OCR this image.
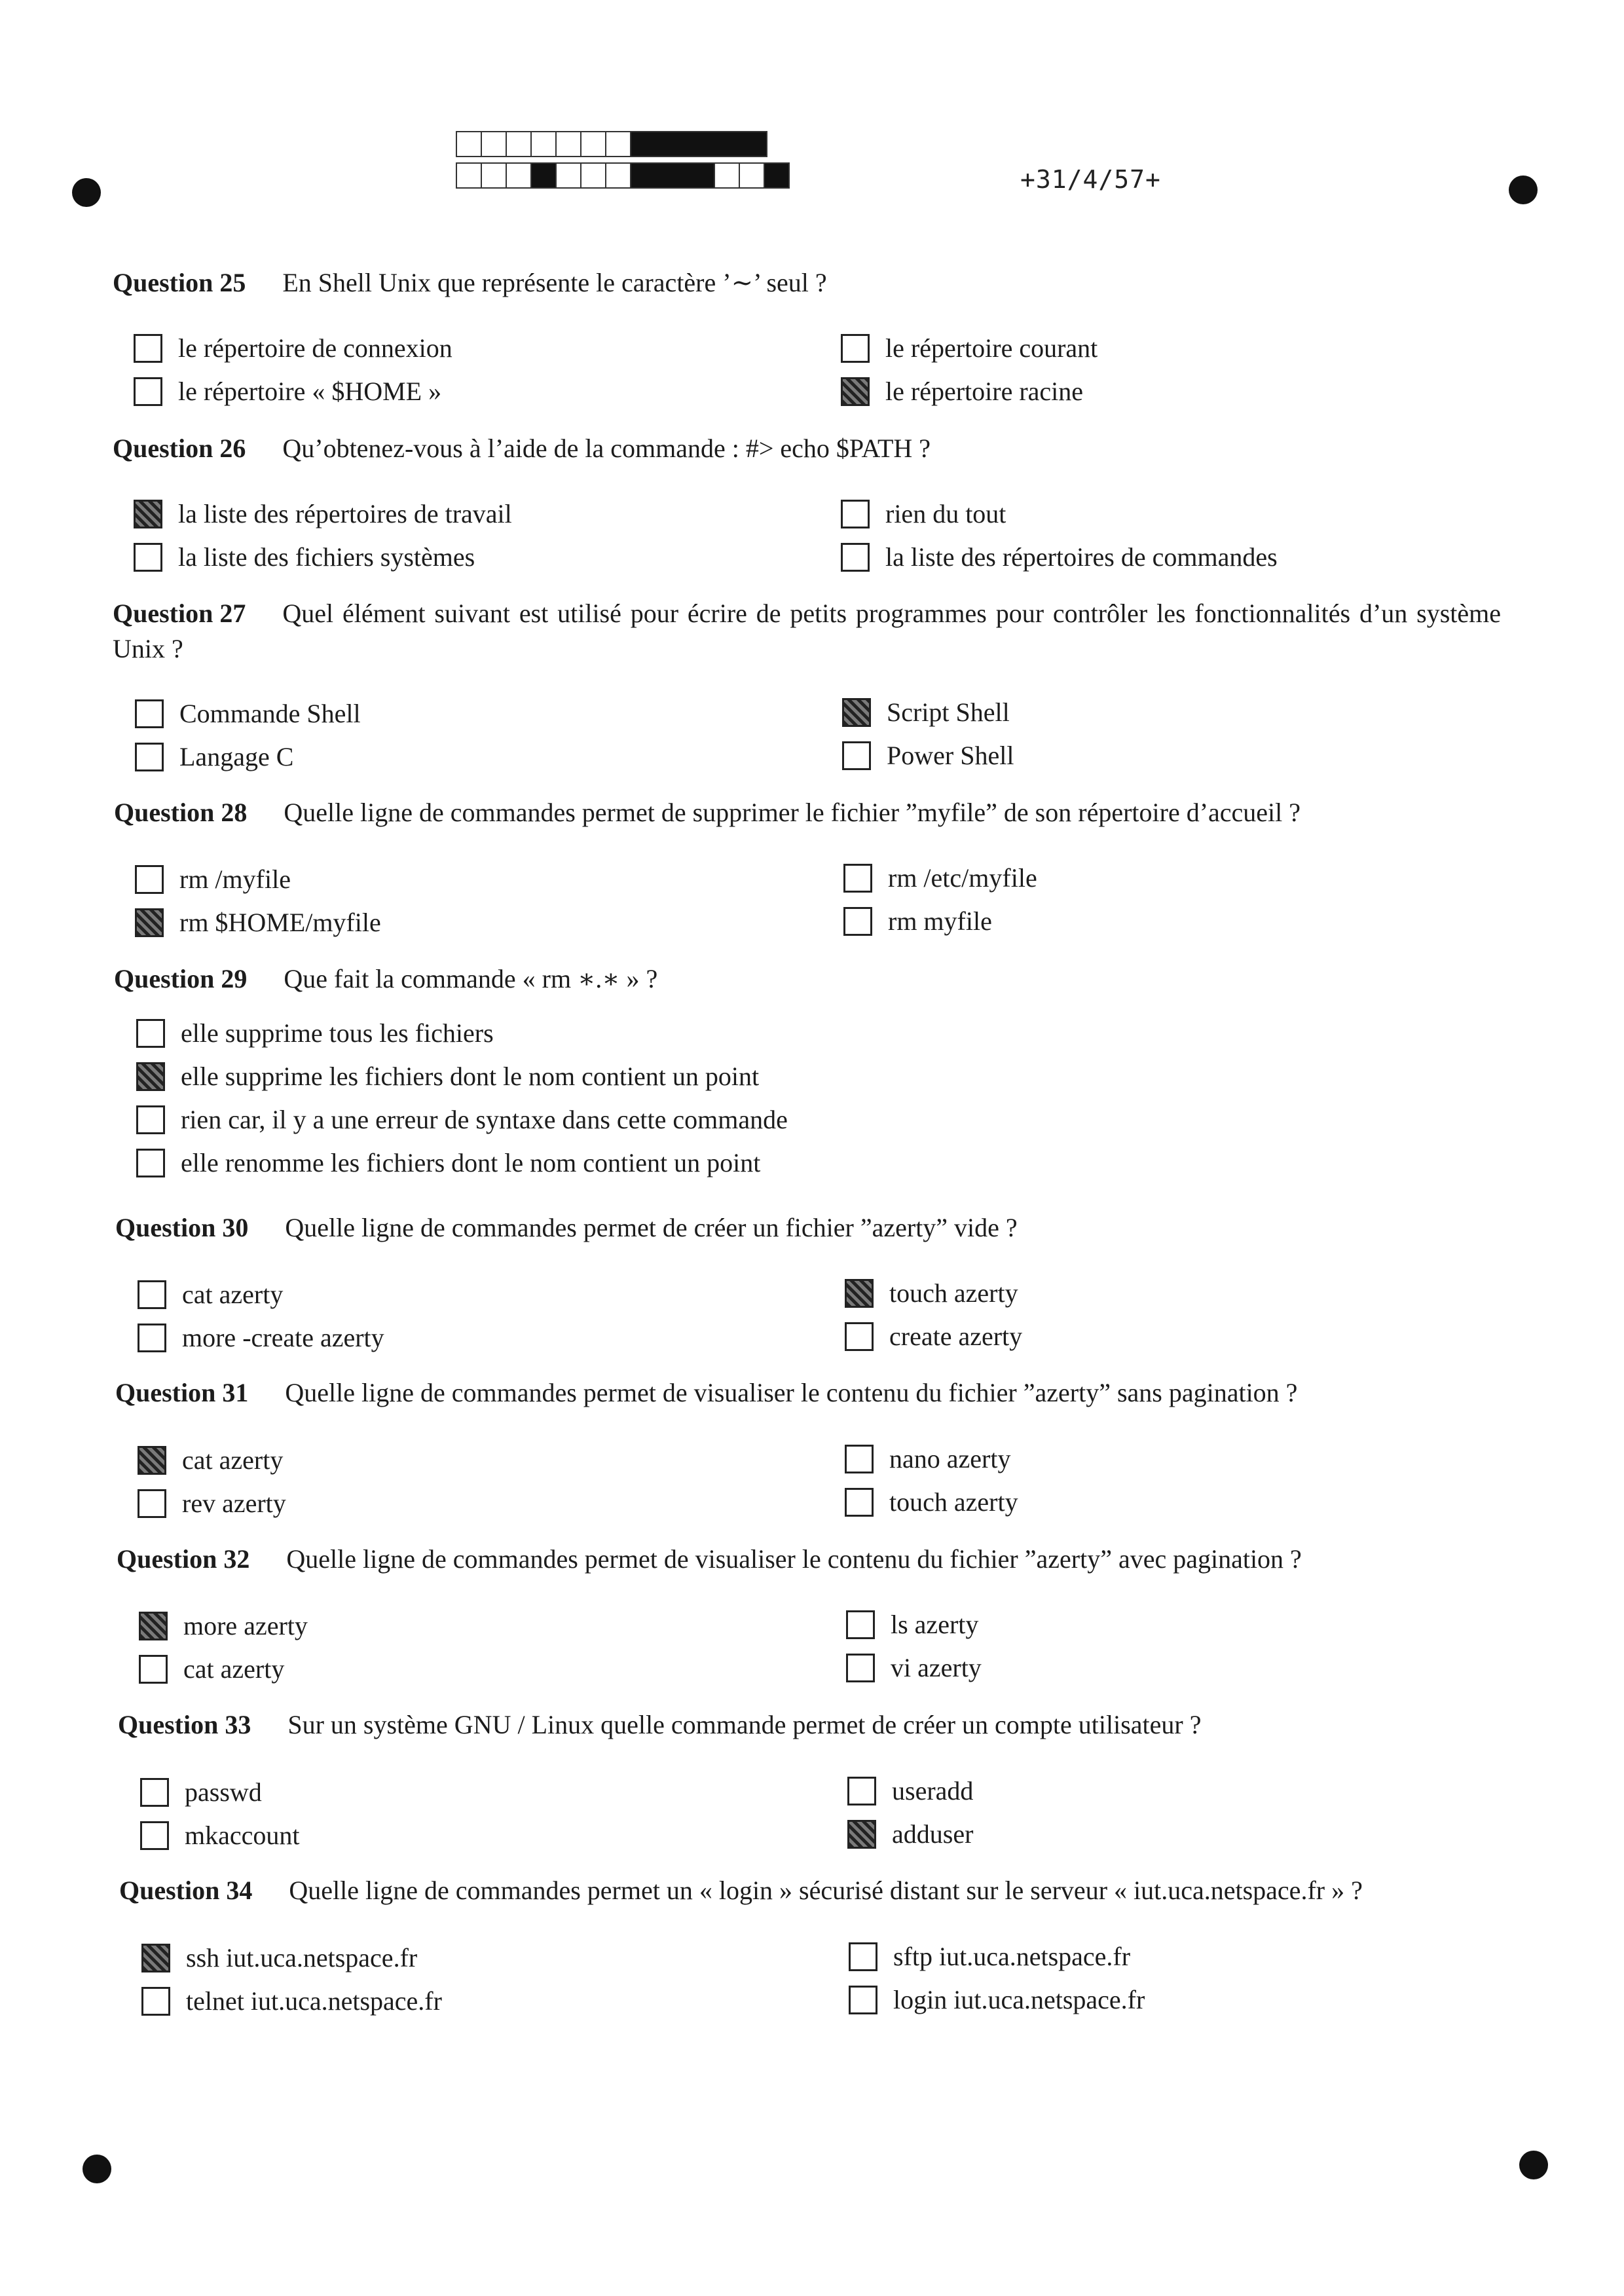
+31/4/57+
Question 25 En Shell Unix que représente le caractère ’∼’ seul ?
le répertoire de connexion
le répertoire « $HOME »
le répertoire courant
le répertoire racine
Question 26 Qu’obtenez-vous à l’aide de la commande : #> echo $PATH ?
la liste des répertoires de travail
la liste des fichiers systèmes
rien du tout
la liste des répertoires de commandes
Question 27 Quel élément suivant est utilisé pour écrire de petits programmes pour contrôler les fonctionnalités d’un système Unix ?
Commande Shell
Langage C
Script Shell
Power Shell
Question 28 Quelle ligne de commandes permet de supprimer le fichier ”myfile” de son répertoire d’accueil ?
rm /myfile
rm $HOME/myfile
rm /etc/myfile
rm myfile
Question 29 Que fait la commande « rm ∗.∗ » ?
elle supprime tous les fichiers
elle supprime les fichiers dont le nom contient un point
rien car, il y a une erreur de syntaxe dans cette commande
elle renomme les fichiers dont le nom contient un point
Question 30 Quelle ligne de commandes permet de créer un fichier ”azerty” vide ?
cat azerty
more -create azerty
touch azerty
create azerty
Question 31 Quelle ligne de commandes permet de visualiser le contenu du fichier ”azerty” sans pagination ?
cat azerty
rev azerty
nano azerty
touch azerty
Question 32 Quelle ligne de commandes permet de visualiser le contenu du fichier ”azerty” avec pagination ?
more azerty
cat azerty
ls azerty
vi azerty
Question 33 Sur un système GNU / Linux quelle commande permet de créer un compte utilisateur ?
passwd
mkaccount
useradd
adduser
Question 34 Quelle ligne de commandes permet un « login » sécurisé distant sur le serveur « iut.uca.netspace.fr » ?
ssh iut.uca.netspace.fr
telnet iut.uca.netspace.fr
sftp iut.uca.netspace.fr
login iut.uca.netspace.fr
